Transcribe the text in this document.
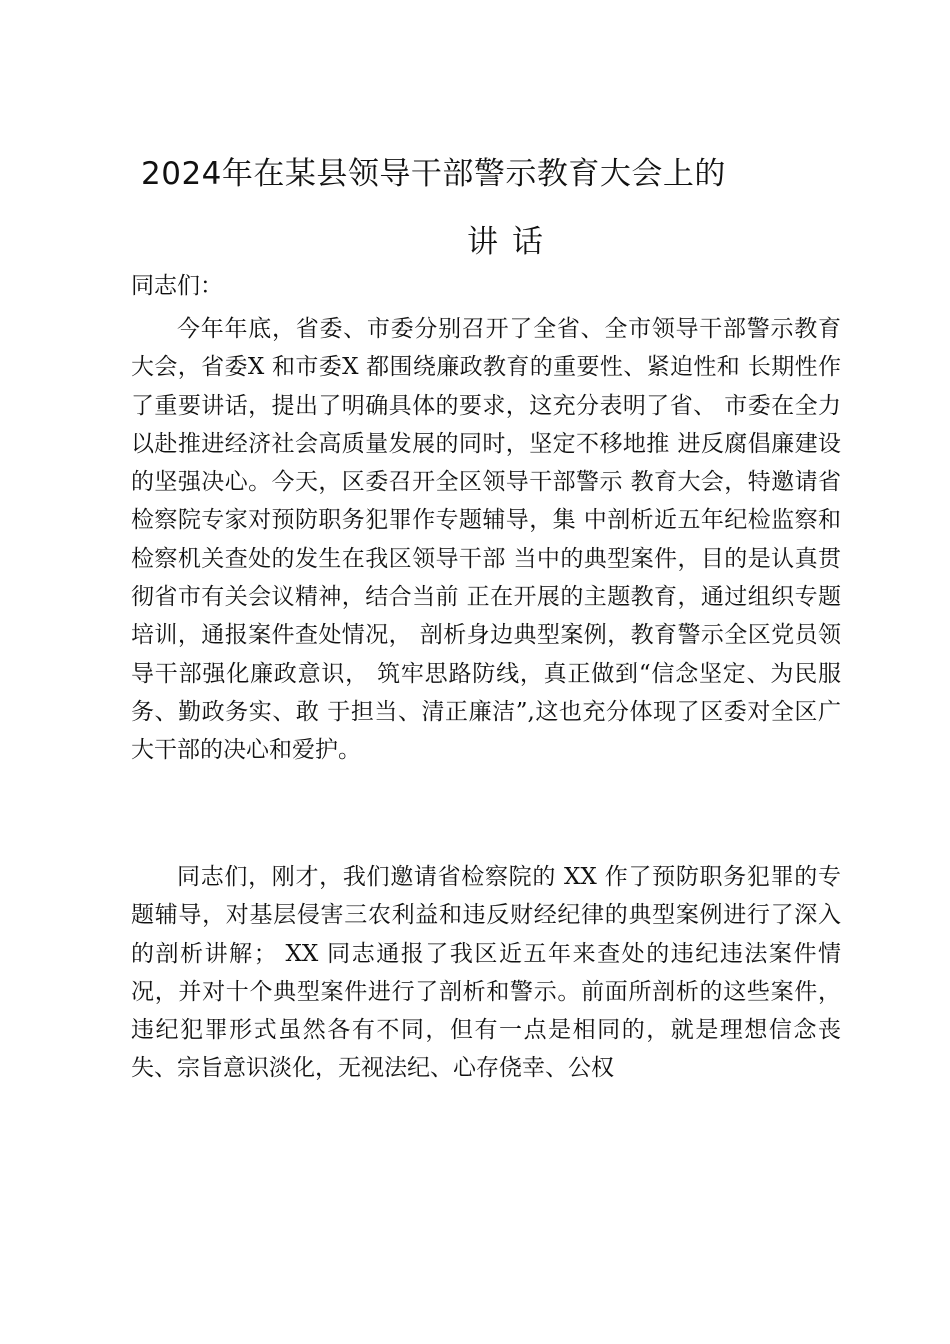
2024年在某县领导干部警示教育大会上的
讲话

同志们：

今年年底，省委、市委分别召开了全省、全市领导干部警示教育大会，省委X 和市委X 都围绕廉政教育的重要性、紧迫性和 长期性作了重要讲话，提出了明确具体的要求，这充分表明了省、 市委在全力以赴推进经济社会高质量发展的同时，坚定不移地推 进反腐倡廉建设的坚强决心。今天，区委召开全区领导干部警示 教育大会，特邀请省检察院专家对预防职务犯罪作专题辅导，集 中剖析近五年纪检监察和检察机关查处的发生在我区领导干部 当中的典型案件，目的是认真贯彻省市有关会议精神，结合当前 正在开展的主题教育，通过组织专题培训，通报案件查处情况， 剖析身边典型案例，教育警示全区党员领导干部强化廉政意识， 筑牢思路防线，真正做到“信念坚定、为民服务、勤政务实、敢 于担当、清正廉洁”,这也充分体现了区委对全区广大干部的决心和爱护。

同志们，刚才，我们邀请省检察院的 XX 作了预防职务犯罪的专题辅导，对基层侵害三农利益和违反财经纪律的典型案例进行了深入的剖析讲解； XX 同志通报了我区近五年来查处的违纪违法案件情况，并对十个典型案件进行了剖析和警示。前面所剖析的这些案件，违纪犯罪形式虽然各有不同，但有一点是相同的，就是理想信念丧失、宗旨意识淡化，无视法纪、心存侥幸、公权
